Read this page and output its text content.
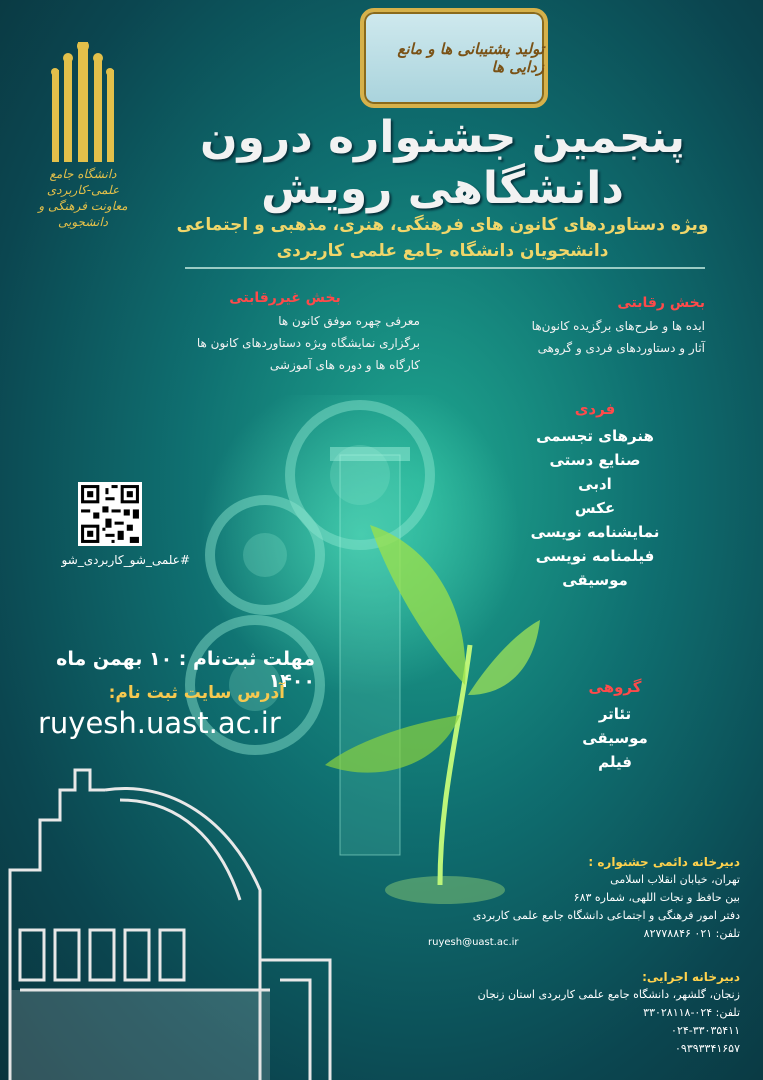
تولید پشتیبانی ها و مانع زدایی ها
دانشگاه جامع
علمی-کاربردی
معاونت فرهنگی و دانشجویی
پنجمین جشنواره درون دانشگاهی رویش
ویژه دستاوردهای کانون های فرهنگی، هنری، مذهبی و اجتماعی
دانشجویان دانشگاه جامع علمی کاربردی
بخش رقابتی
ایده ها و طرح‌های برگزیده کانون‌ها
آثار و دستاوردهای فردی و گروهی
بخش غیررقابتی
معرفی چهره موفق کانون ها
برگزاری نمایشگاه ویژه دستاوردهای کانون ها
کارگاه ها و دوره های آموزشی
فردی
هنرهای تجسمی
صنایع دستی
ادبی
عکس
نمایشنامه نویسی
فیلمنامه نویسی
موسیقی
گروهی
تئاتر
موسیقی
فیلم
#علمی_شو_کاربردی_شو
مهلت ثبت‌نام : ۱۰ بهمن ماه ۱۴۰۰
آدرس سایت ثبت نام:
ruyesh.uast.ac.ir
دبیرخانه دائمی جشنواره :
تهران، خیابان انقلاب اسلامی
بین حافظ و نجات اللهی، شماره ۶۸۳
دفتر امور فرهنگی و اجتماعی دانشگاه جامع علمی کاربردی
تلفن: ۰۲۱ ۸۲۷۷۸۸۴۶
ruyesh@uast.ac.ir
دبیرخانه اجرایی:
زنجان، گلشهر، دانشگاه جامع علمی کاربردی استان زنجان
تلفن: ۰۲۴-۳۳۰۲۸۱۱۸
۰۲۴-۳۳۰۳۵۴۱۱
۰۹۳۹۳۳۴۱۶۵۷
